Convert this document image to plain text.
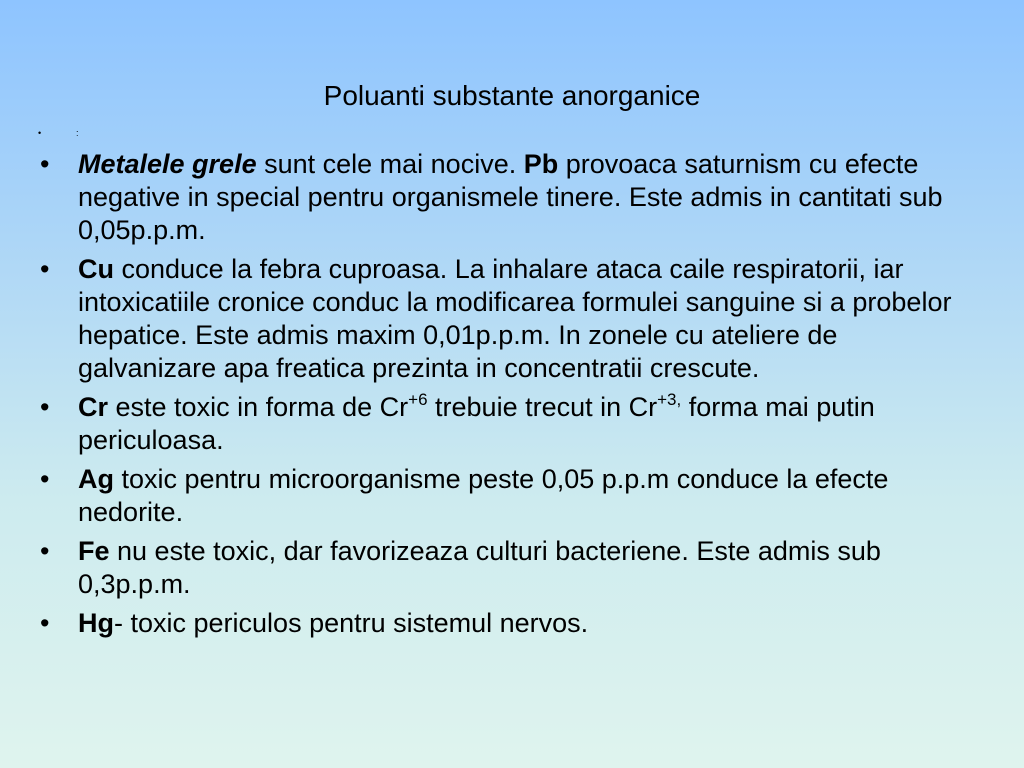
Poluanti substante anorganice
•	:
• Metalele grele sunt cele mai nocive. Pb provoaca saturnism cu efecte negative in special pentru organismele tinere. Este admis in cantitati sub 0,05p.p.m.
• Cu conduce la febra cuproasa. La inhalare ataca caile respiratorii, iar intoxicatiile cronice conduc la modificarea formulei sanguine si a probelor hepatice. Este admis maxim 0,01p.p.m. In zonele cu ateliere de galvanizare apa freatica prezinta in concentratii crescute.
• Cr este toxic in forma de $Cr^{+6}$ trebuie trecut in $Cr^{+3,}$ forma mai putin periculoasa.
• Ag toxic pentru microorganisme peste 0,05 p.p.m conduce la efecte nedorite.
• Fe nu este toxic, dar favorizeaza culturi bacteriene. Este admis sub 0,3p.p.m.
• Hg- toxic periculos pentru sistemul nervos.
